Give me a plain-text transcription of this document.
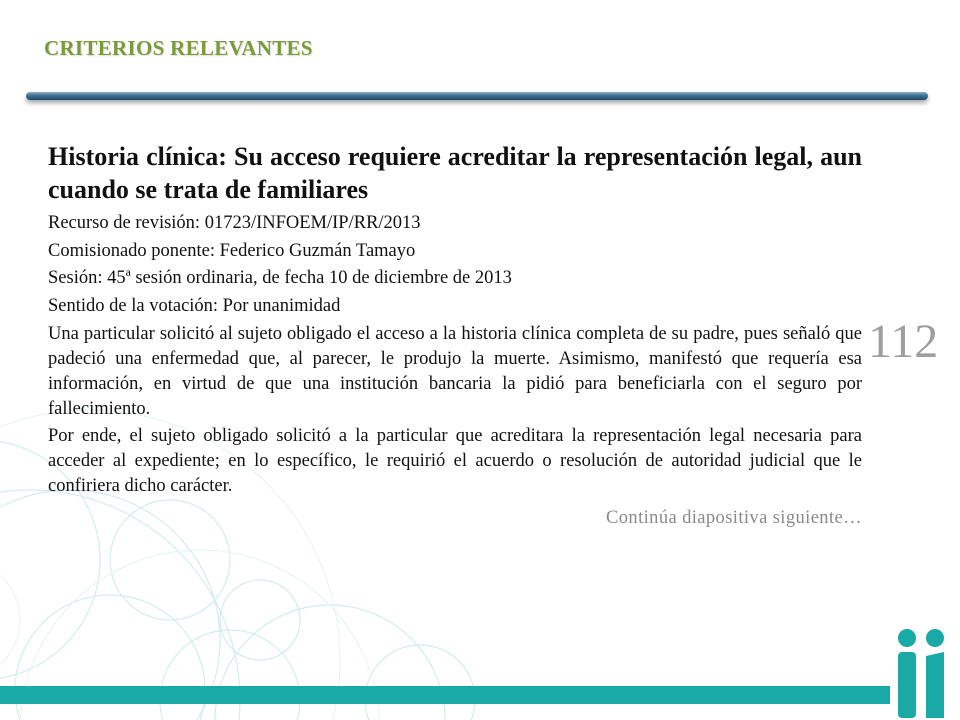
CRITERIOS RELEVANTES

Historia clínica: Su acceso requiere acreditar la representación legal, aun cuando se trata de familiares

Recurso de revisión: 01723/INFOEM/IP/RR/2013

Comisionado ponente: Federico Guzmán Tamayo

Sesión: 45ª sesión ordinaria, de fecha 10 de diciembre de 2013

Sentido de la votación: Por unanimidad

Una particular solicitó al sujeto obligado el acceso a la historia clínica completa de su padre, pues señaló que padeció una enfermedad que, al parecer, le produjo la muerte. Asimismo, manifestó que requería esa información, en virtud de que una institución bancaria la pidió para beneficiarla con el seguro por fallecimiento.

Por ende, el sujeto obligado solicitó a la particular que acreditara la representación legal necesaria para acceder al expediente; en lo específico, le requirió el acuerdo o resolución de autoridad judicial que le confiriera dicho carácter.

Continúa diapositiva siguiente…

112
